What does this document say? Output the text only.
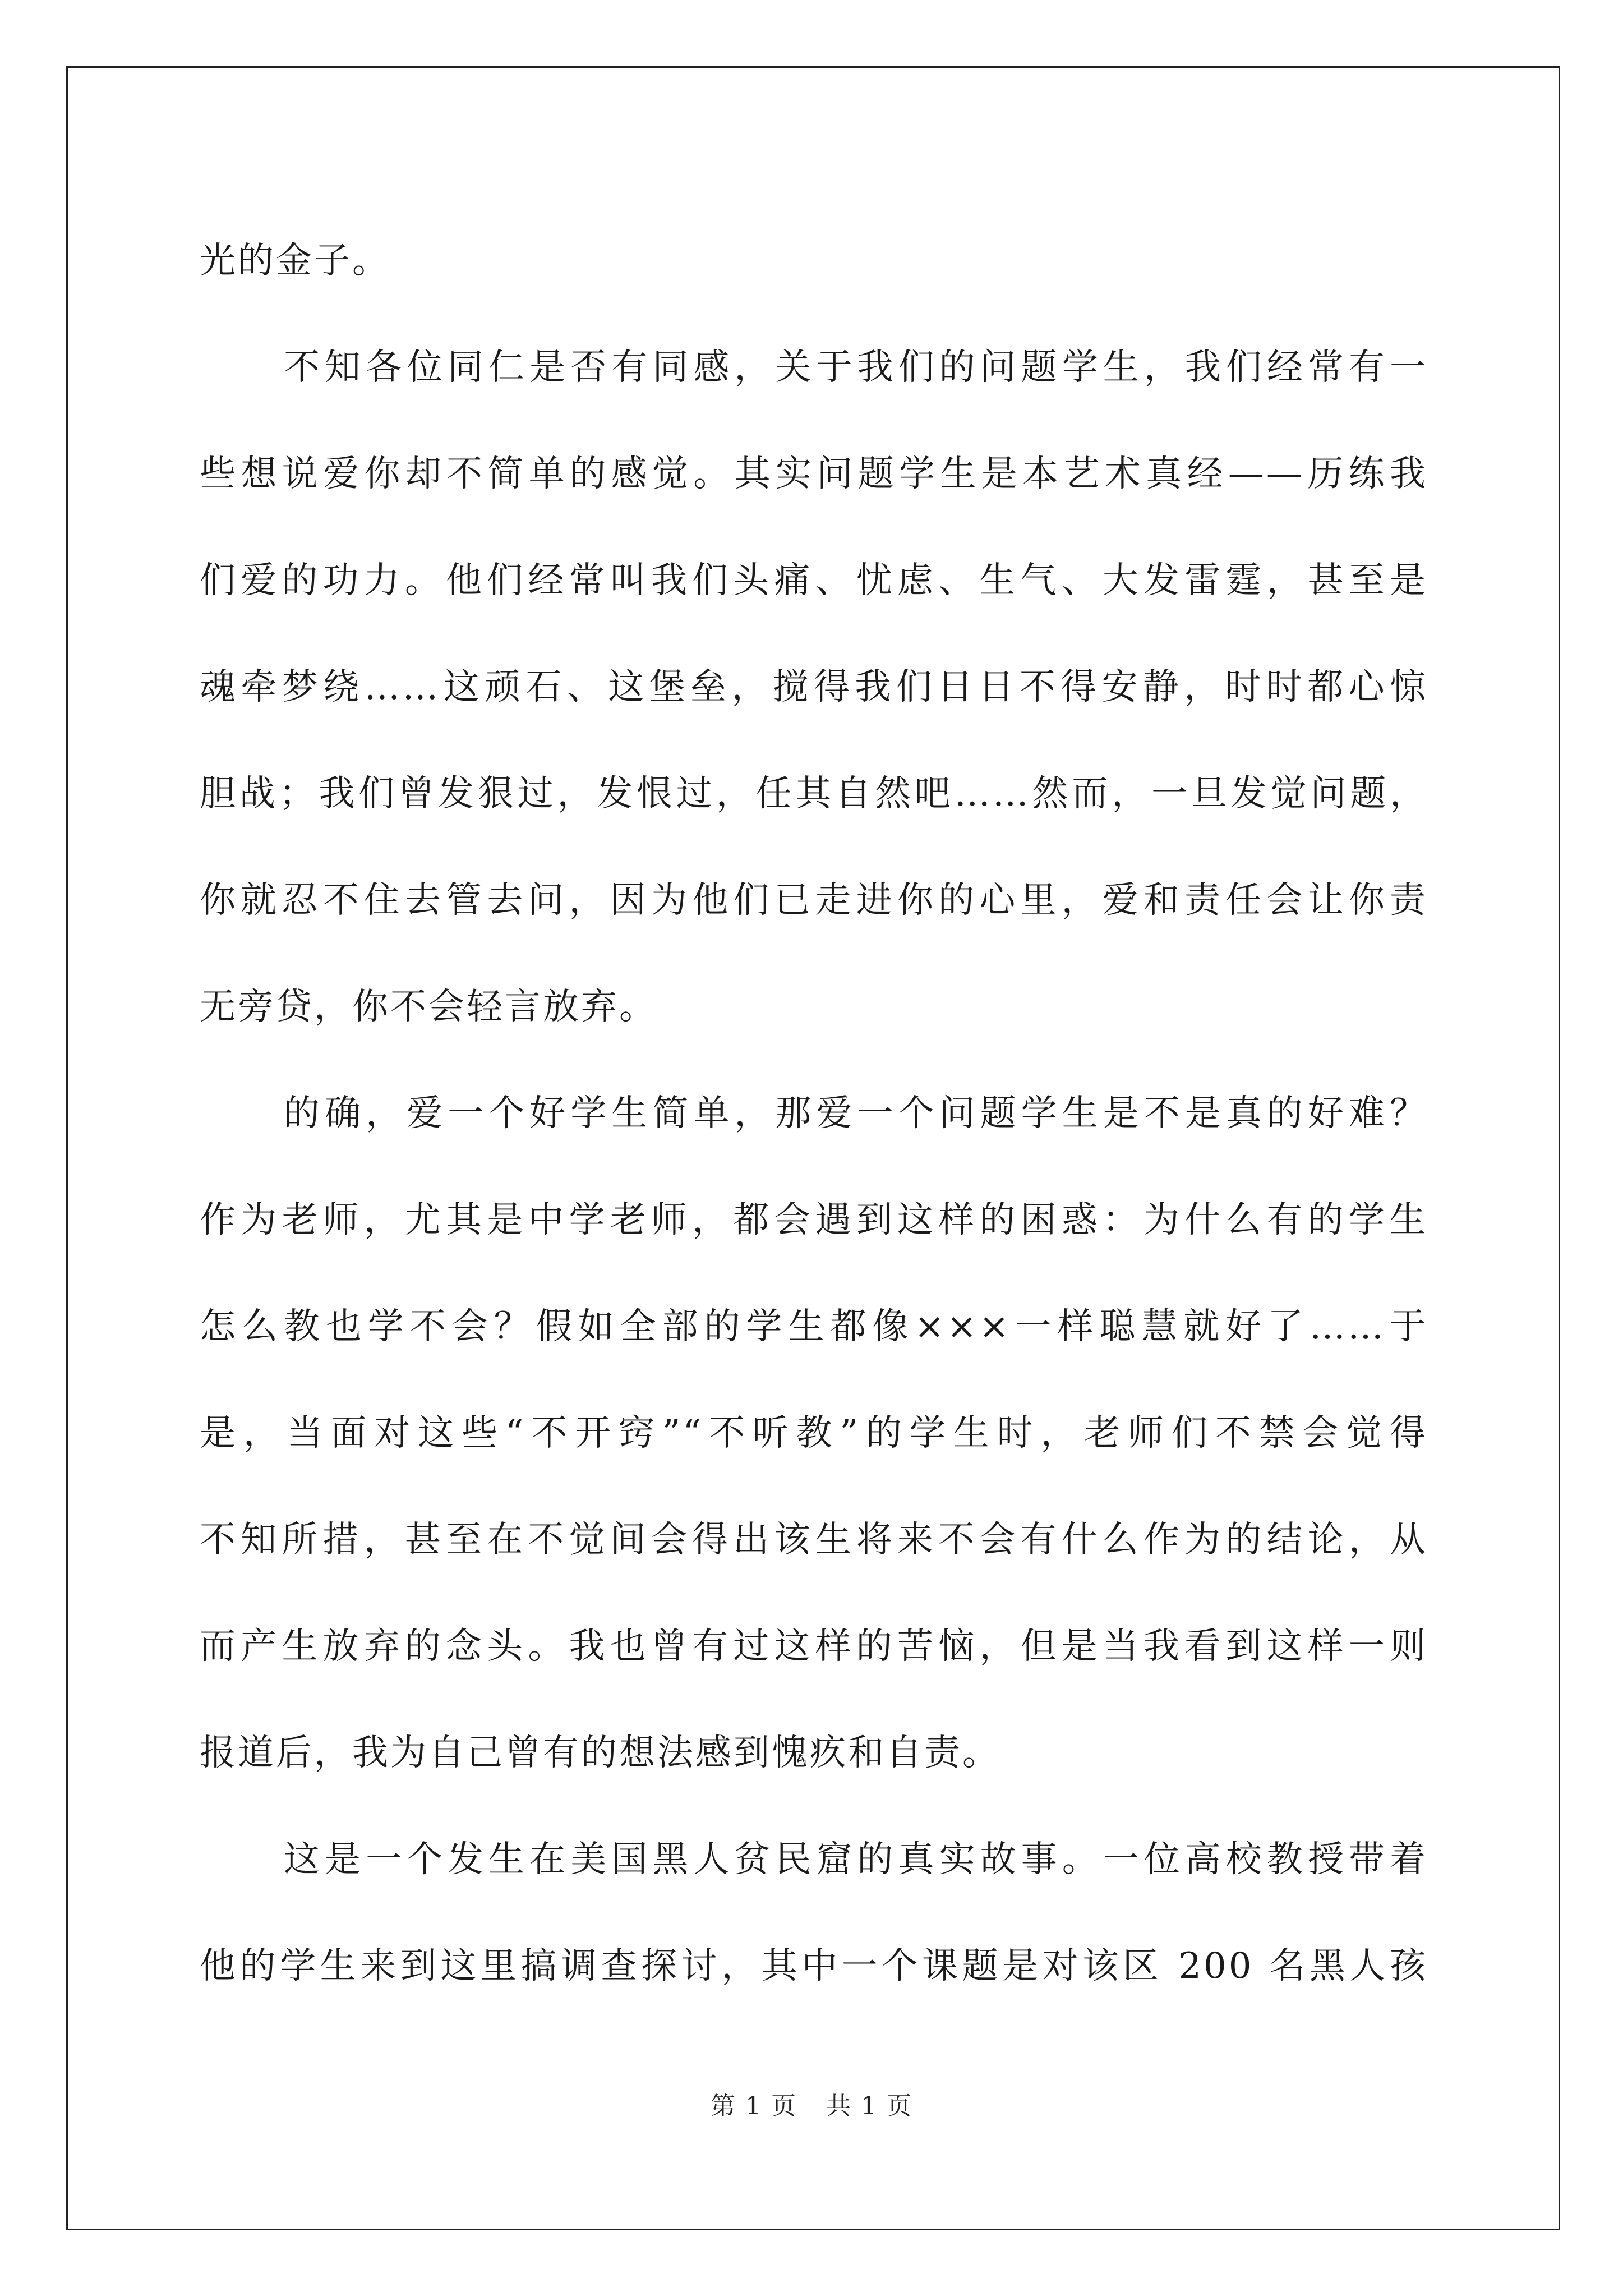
光的金子。
不知各位同仁是否有同感，关于我们的问题学生，我们经常有一
些想说爱你却不简单的感觉。其实问题学生是本艺术真经——历练我
们爱的功力。他们经常叫我们头痛、忧虑、生气、大发雷霆，甚至是
魂牵梦绕……这顽石、这堡垒，搅得我们日日不得安静，时时都心惊
胆战；我们曾发狠过，发恨过，任其自然吧……然而，一旦发觉问题，
你就忍不住去管去问，因为他们已走进你的心里，爱和责任会让你责
无旁贷，你不会轻言放弃。
的确，爱一个好学生简单，那爱一个问题学生是不是真的好难？
作为老师，尤其是中学老师，都会遇到这样的困惑：为什么有的学生
怎么教也学不会？假如全部的学生都像×××一样聪慧就好了……于
是，当面对这些“不开窍”“不听教”的学生时，老师们不禁会觉得
不知所措，甚至在不觉间会得出该生将来不会有什么作为的结论，从
而产生放弃的念头。我也曾有过这样的苦恼，但是当我看到这样一则
报道后，我为自己曾有的想法感到愧疚和自责。
这是一个发生在美国黑人贫民窟的真实故事。一位高校教授带着
他的学生来到这里搞调查探讨，其中一个课题是对该区 200 名黑人孩
第 1 页 共 1 页
